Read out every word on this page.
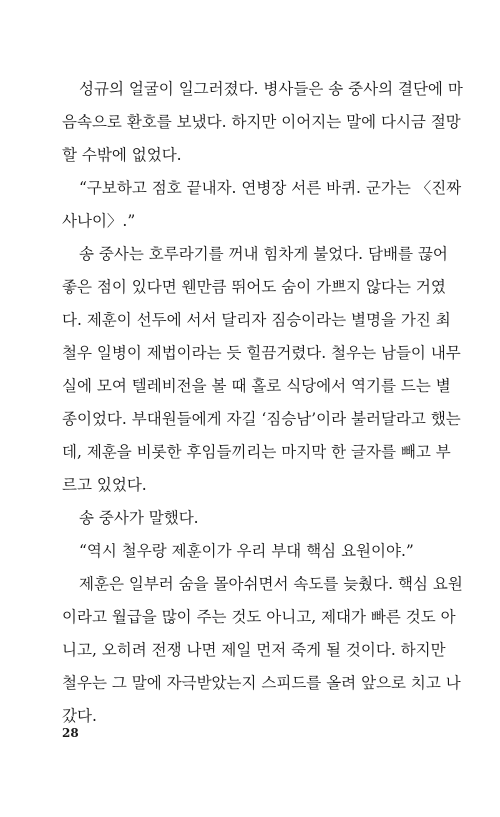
성규의 얼굴이 일그러졌다. 병사들은 송 중사의 결단에 마
음속으로 환호를 보냈다. 하지만 이어지는 말에 다시금 절망
할 수밖에 없었다.
“구보하고 점호 끝내자. 연병장 서른 바퀴. 군가는 〈진짜
사나이〉.”
송 중사는 호루라기를 꺼내 힘차게 불었다. 담배를 끊어
좋은 점이 있다면 웬만큼 뛰어도 숨이 가쁘지 않다는 거였
다. 제훈이 선두에 서서 달리자 짐승이라는 별명을 가진 최
철우 일병이 제법이라는 듯 힐끔거렸다. 철우는 남들이 내무
실에 모여 텔레비전을 볼 때 홀로 식당에서 역기를 드는 별
종이었다. 부대원들에게 자길 ‘짐승남’이라 불러달라고 했는
데, 제훈을 비롯한 후임들끼리는 마지막 한 글자를 빼고 부
르고 있었다.
송 중사가 말했다.
“역시 철우랑 제훈이가 우리 부대 핵심 요원이야.”
제훈은 일부러 숨을 몰아쉬면서 속도를 늦췄다. 핵심 요원
이라고 월급을 많이 주는 것도 아니고, 제대가 빠른 것도 아
니고, 오히려 전쟁 나면 제일 먼저 죽게 될 것이다. 하지만
철우는 그 말에 자극받았는지 스피드를 올려 앞으로 치고 나
갔다.
28
